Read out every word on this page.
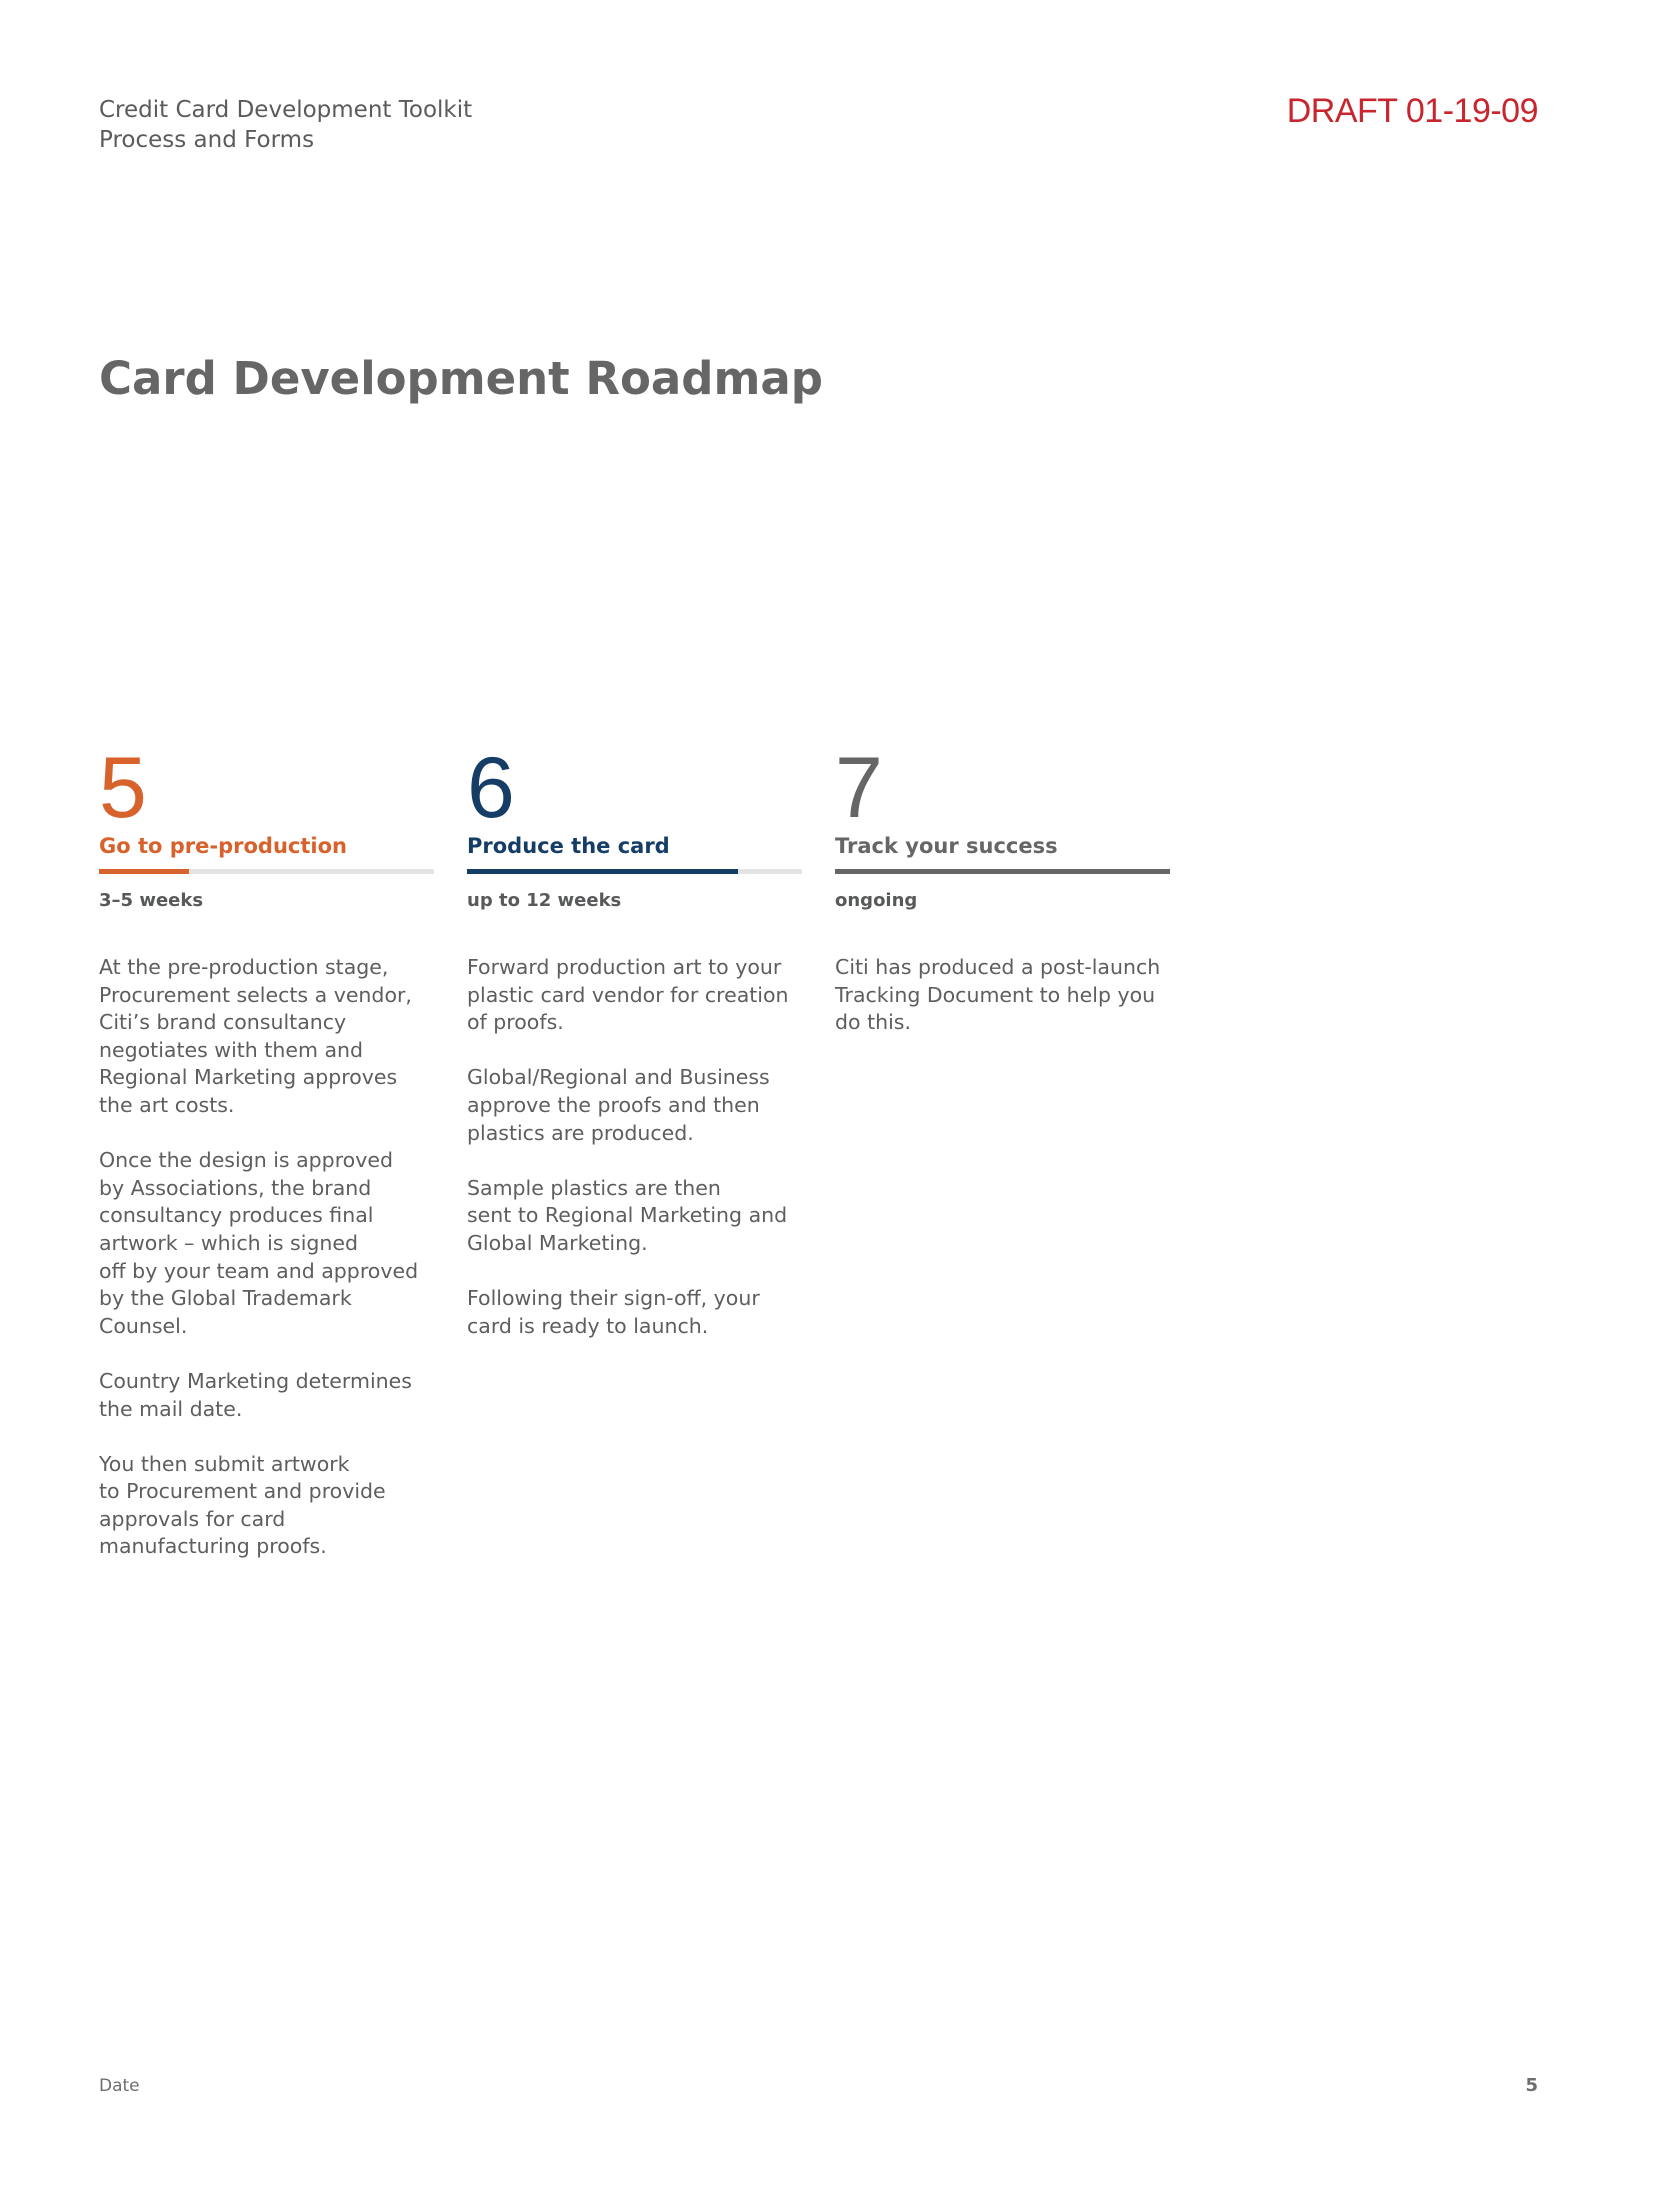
Credit Card Development Toolkit
Process and Forms
DRAFT 01-19-09
Card Development Roadmap
5
Go to pre-production
3–5 weeks

At the pre-production stage,
Procurement selects a vendor,
Citi’s brand consultancy
negotiates with them and
Regional Marketing approves
the art costs.

Once the design is approved
by Associations, the brand
consultancy produces final
artwork – which is signed
off by your team and approved
by the Global Trademark
Counsel.

Country Marketing determines
the mail date.

You then submit artwork
to Procurement and provide
approvals for card
manufacturing proofs.

6
Produce the card
up to 12 weeks

Forward production art to your
plastic card vendor for creation
of proofs.

Global/Regional and Business
approve the proofs and then
plastics are produced.

Sample plastics are then
sent to Regional Marketing and
Global Marketing.

Following their sign-off, your
card is ready to launch.

7
Track your success
ongoing

Citi has produced a post-launch
Tracking Document to help you
do this.

Date	5
